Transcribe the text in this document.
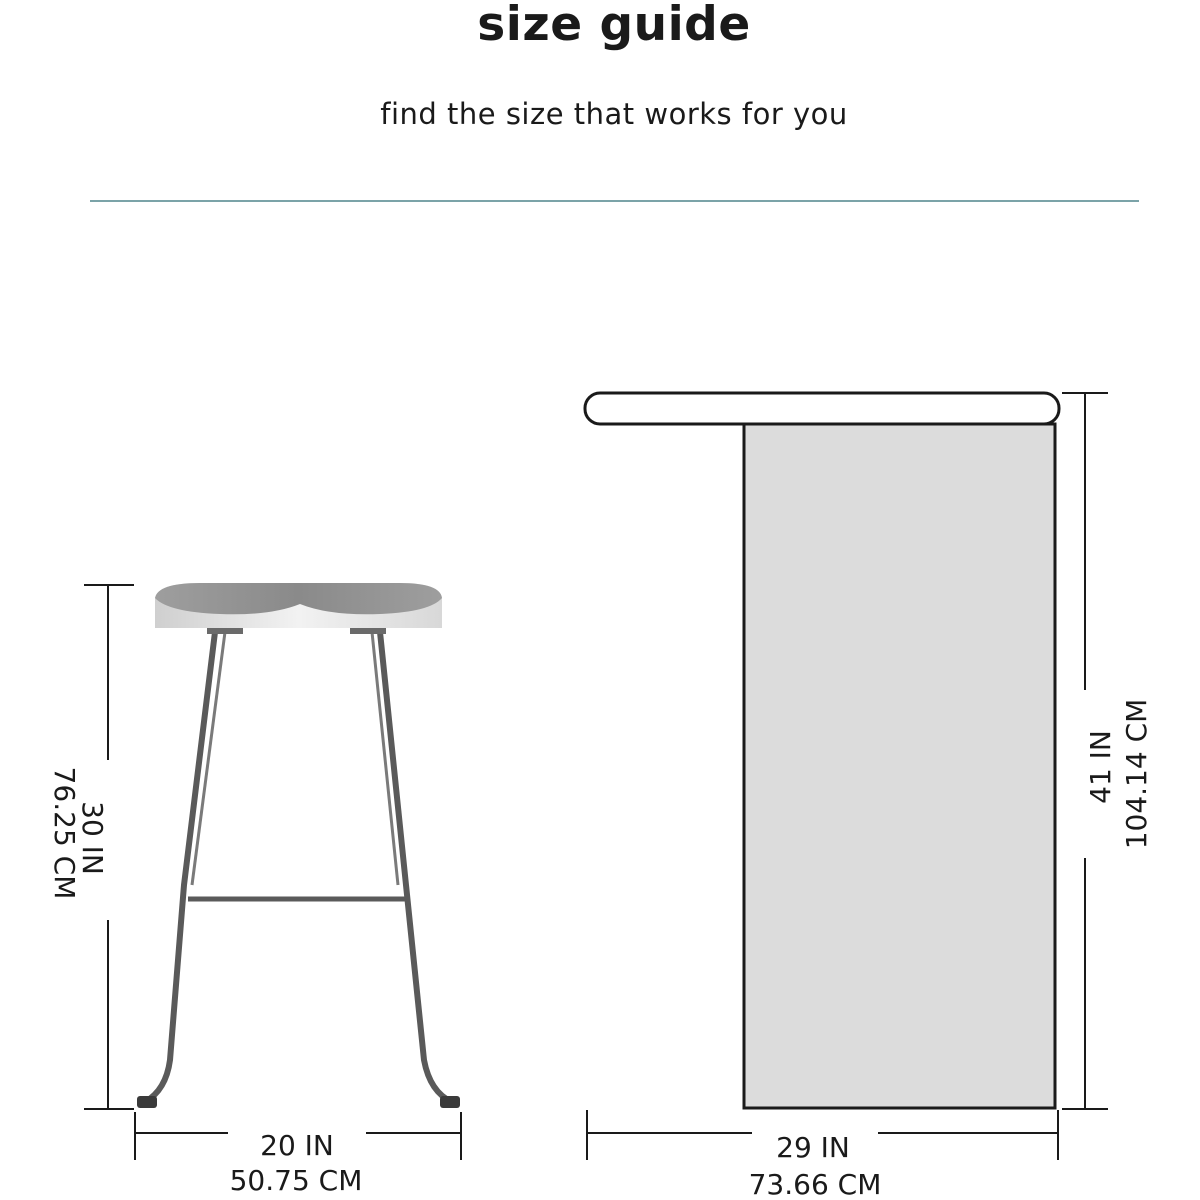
size guide
find the size that works for you
30 IN
76.25 CM
20 IN
50.75 CM
41 IN 104.14 CM
29 IN
73.66 CM
